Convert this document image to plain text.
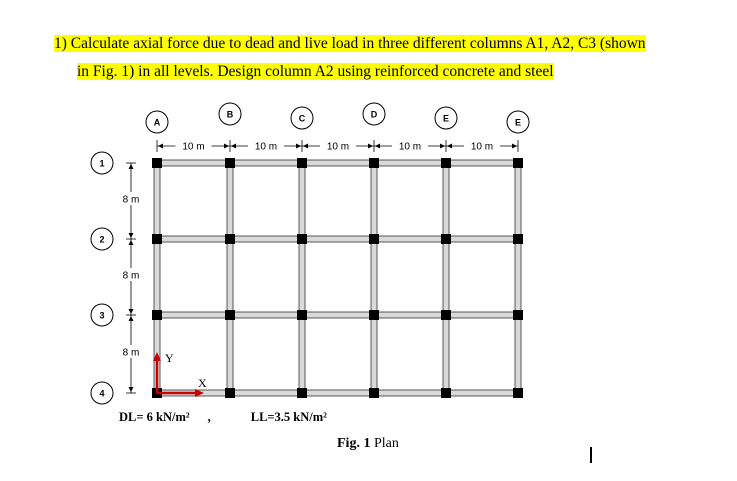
1) Calculate axial force due to dead and live load in three different columns A1, A2, C3 (shown
in Fig. 1) in all levels. Design column A2 using reinforced concrete and steel
10 m	10 m	10 m	10 m	10 m
8 m
8 m
8 m
A
B	C	D	E	E
1
2
3
4
Y
X
DL= 6 kN/m² ,	LL=3.5 kN/m²
Fig. 1 Plan
